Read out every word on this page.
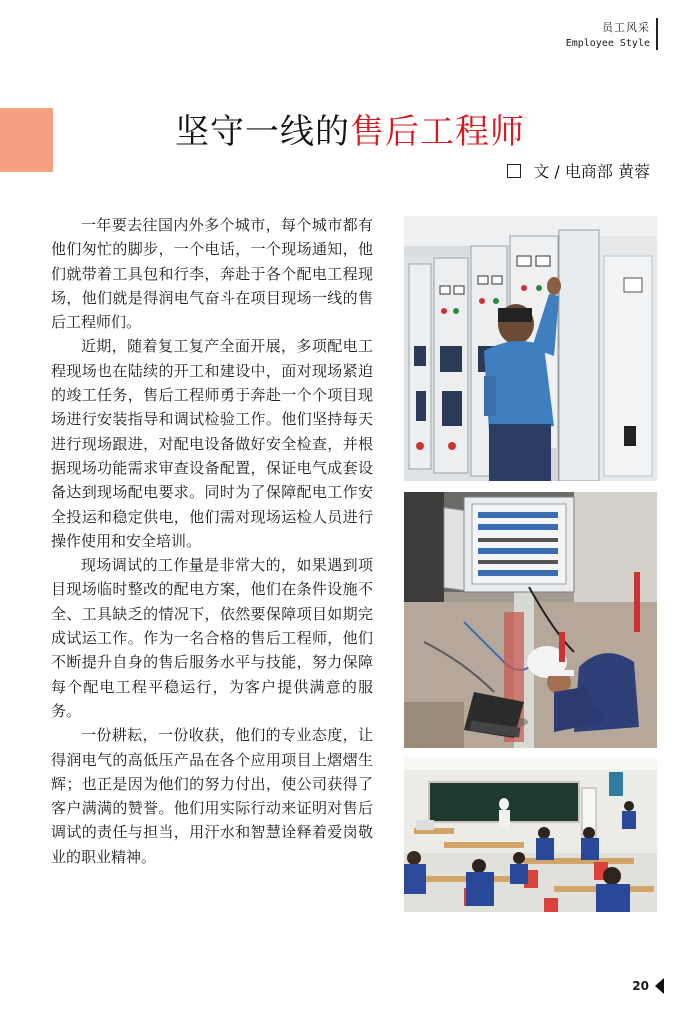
员工风采
Employee Style
坚守一线的售后工程师
文 / 电商部 黄蓉

一年要去往国内外多个城市，每个城市都有他们匆忙的脚步，一个电话，一个现场通知，他们就带着工具包和行李，奔赴于各个配电工程现场，他们就是得润电气奋斗在项目现场一线的售后工程师们。

近期，随着复工复产全面开展，多项配电工程现场也在陆续的开工和建设中，面对现场紧迫的竣工任务，售后工程师勇于奔赴一个个项目现场进行安装指导和调试检验工作。他们坚持每天进行现场跟进，对配电设备做好安全检查，并根据现场功能需求审查设备配置，保证电气成套设备达到现场配电要求。同时为了保障配电工作安全投运和稳定供电，他们需对现场运检人员进行操作使用和安全培训。

现场调试的工作量是非常大的，如果遇到项目现场临时整改的配电方案，他们在条件设施不全、工具缺乏的情况下，依然要保障项目如期完成试运工作。作为一名合格的售后工程师，他们不断提升自身的售后服务水平与技能，努力保障每个配电工程平稳运行，为客户提供满意的服务。

一份耕耘，一份收获，他们的专业态度，让得润电气的高低压产品在各个应用项目上熠熠生辉；也正是因为他们的努力付出，使公司获得了客户满满的赞誉。他们用实际行动来证明对售后调试的责任与担当，用汗水和智慧诠释着爱岗敬业的职业精神。

20
